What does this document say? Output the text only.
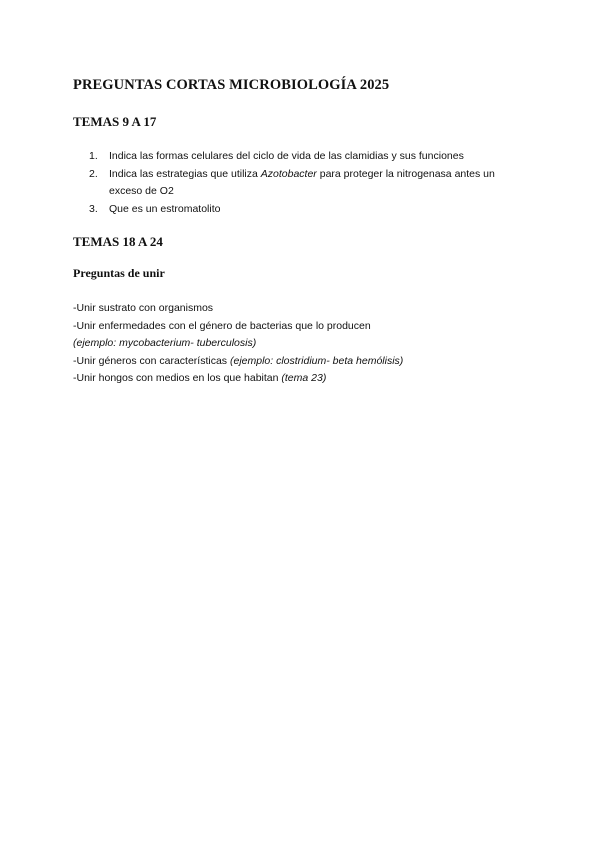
PREGUNTAS CORTAS MICROBIOLOGÍA 2025
TEMAS 9 A 17
1. Indica las formas celulares del ciclo de vida de las clamidias y sus funciones
2. Indica las estrategias que utiliza Azotobacter para proteger la nitrogenasa antes un exceso de O2
3. Que es un estromatolito
TEMAS 18 A 24
Preguntas de unir
-Unir sustrato con organismos
-Unir enfermedades con el género de bacterias que lo producen
(ejemplo: mycobacterium- tuberculosis)
-Unir géneros con características (ejemplo: clostridium- beta hemólisis)
-Unir hongos con medios en los que habitan (tema 23)
